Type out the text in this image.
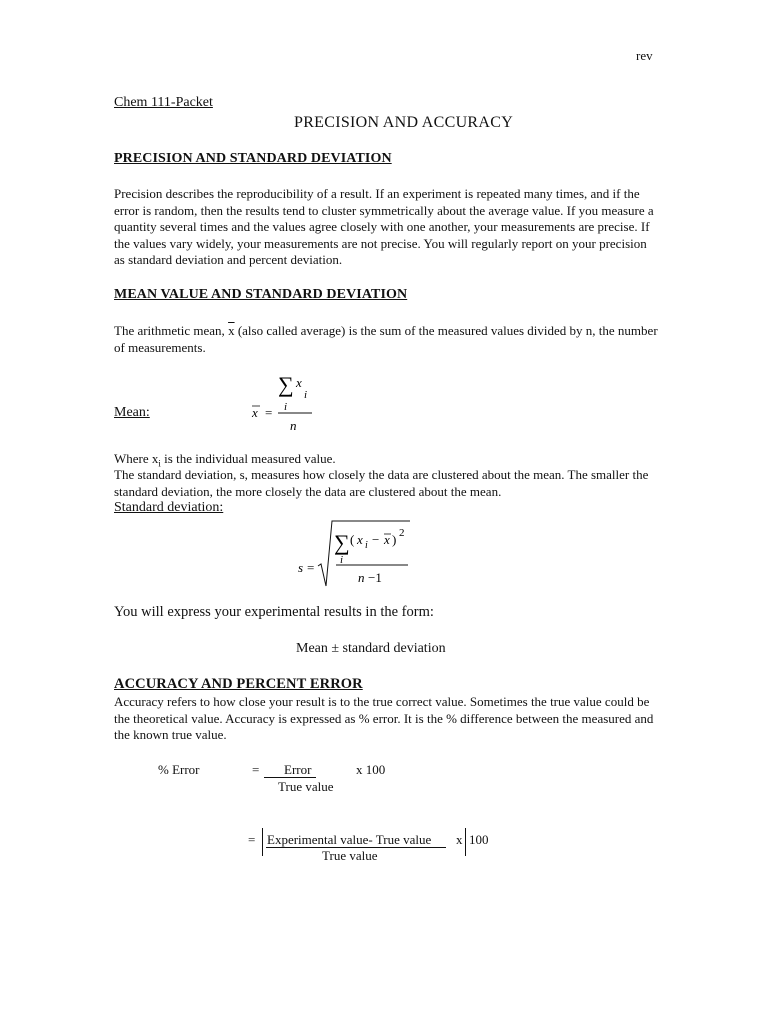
rev
Chem 111-Packet
PRECISION AND ACCURACY
PRECISION AND STANDARD DEVIATION
Precision describes the reproducibility of a result. If an experiment is repeated many times, and if the error is random, then the results tend to cluster symmetrically about the average value. If you measure a quantity several times and the values agree closely with one another, your measurements are precise. If the values vary widely, your measurements are not precise. You will regularly report on your precision as standard deviation and percent deviation.
MEAN VALUE AND STANDARD DEVIATION
The arithmetic mean, $\overline{x}$ (also called average) is the sum of the measured values divided by n, the number of measurements.
Mean:
∑ x
i
i
x =
n
Where $x_i$ is the individual measured value.
The standard deviation, s, measures how closely the data are clustered about the mean. The smaller the standard deviation, the more closely the data are clustered about the mean.
Standard deviation:
s =
∑
i
( x i − x ) 2
n −1
You will express your experimental results in the form:
Mean ± standard deviation
ACCURACY AND PERCENT ERROR
Accuracy refers to how close your result is to the true correct value. Sometimes the true value could be the theoretical value. Accuracy is expressed as % error. It is the % difference between the measured and the known true value.
% Error	= Error
True value
x 100
= Experimental value- True value
True value
x 100
